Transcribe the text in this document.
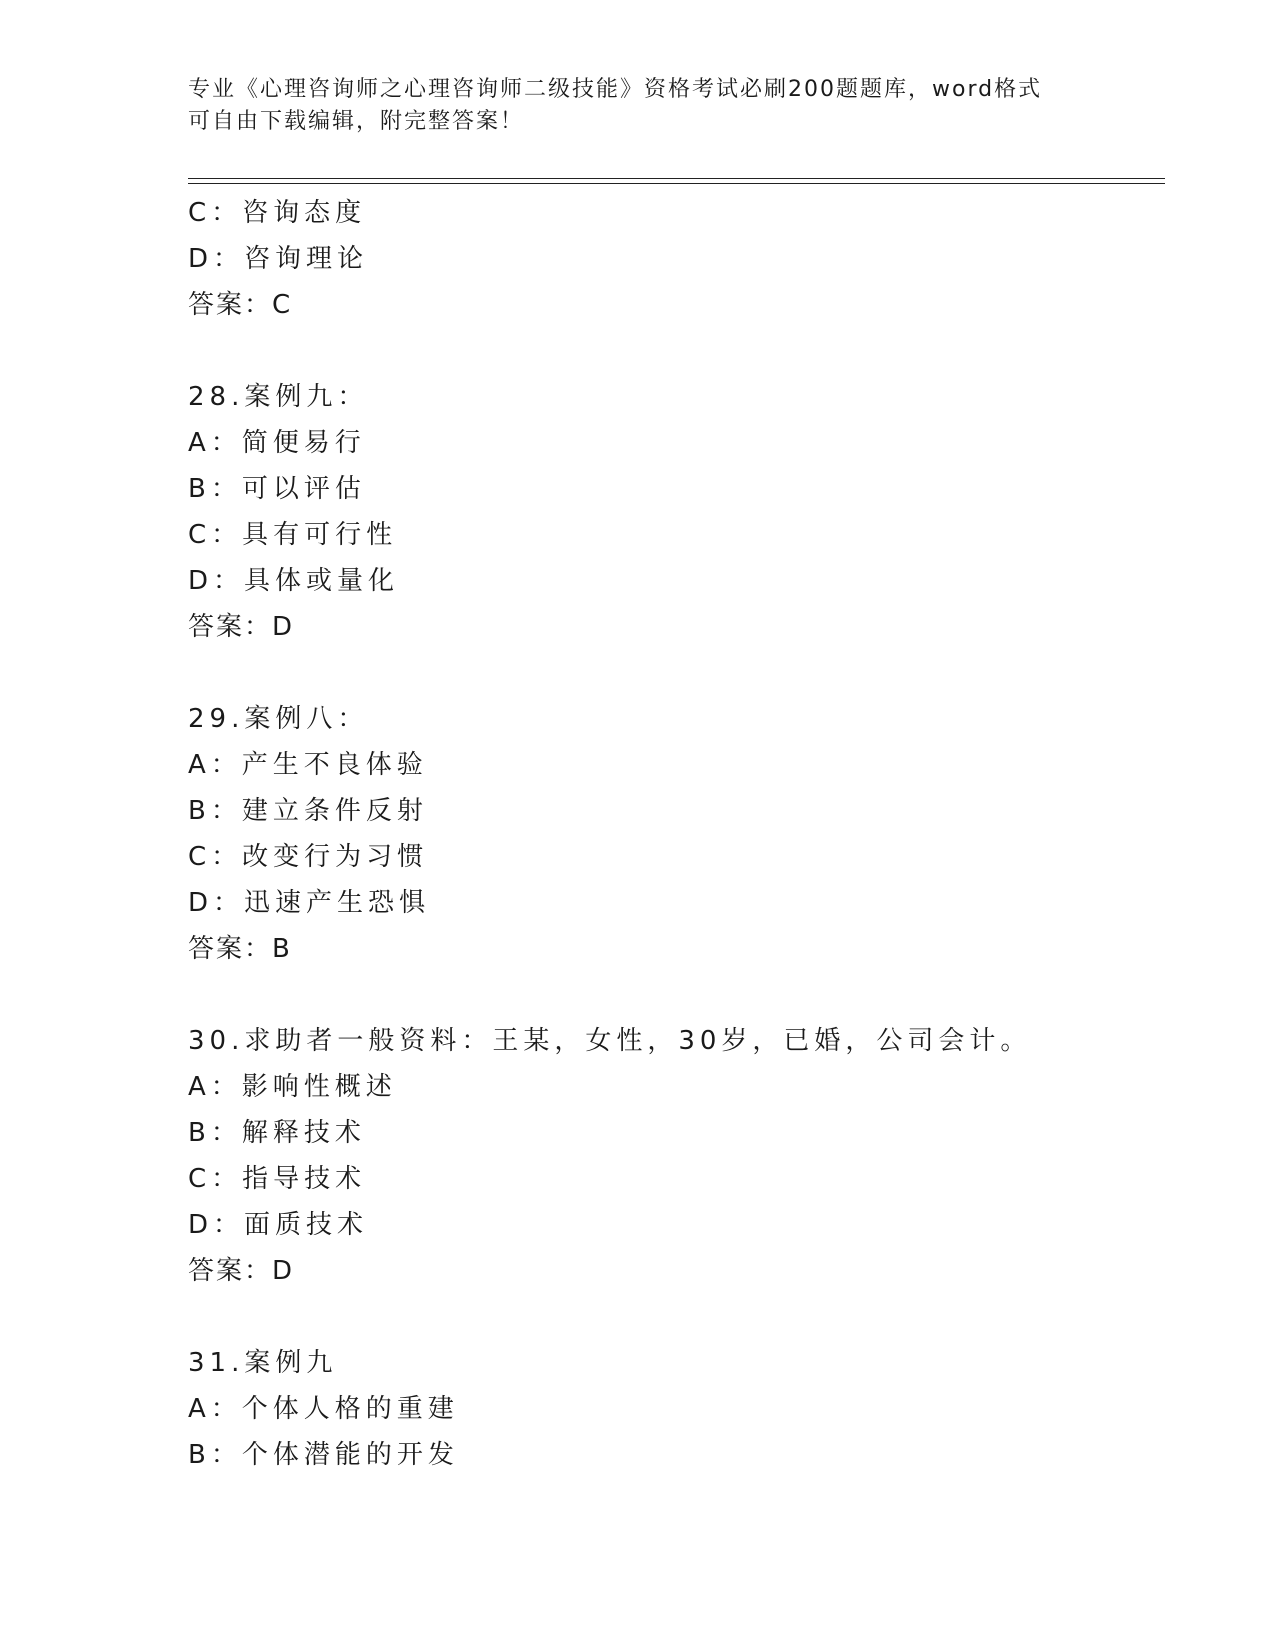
专业《心理咨询师之心理咨询师二级技能》资格考试必刷200题题库，word格式
可自由下载编辑，附完整答案！
C：咨询态度
D：咨询理论
答案：C
28.案例九：
A：简便易行
B：可以评估
C：具有可行性
D：具体或量化
答案：D
29.案例八：
A：产生不良体验
B：建立条件反射
C：改变行为习惯
D：迅速产生恐惧
答案：B
30.求助者一般资料：王某，女性，30岁，已婚，公司会计。
A：影响性概述
B：解释技术
C：指导技术
D：面质技术
答案：D
31.案例九
A：个体人格的重建
B：个体潜能的开发
